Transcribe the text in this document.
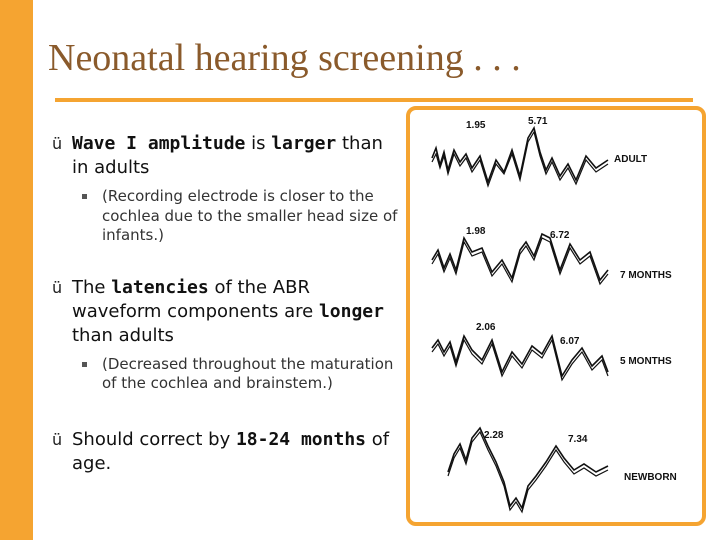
Neonatal hearing screening . . .
ü Wave I amplitude is larger than in adults
(Recording electrode is closer to the cochlea due to the smaller head size of infants.)
ü The latencies of the ABR waveform components are longer than adults
(Decreased throughout the maturation of the cochlea and brainstem.)
ü Should correct by 18-24 months of age.
1.95	5.71
ADULT
1.98	6.72
7 MONTHS
2.06
6.07
5 MONTHS
2.28	7.34
NEWBORN
